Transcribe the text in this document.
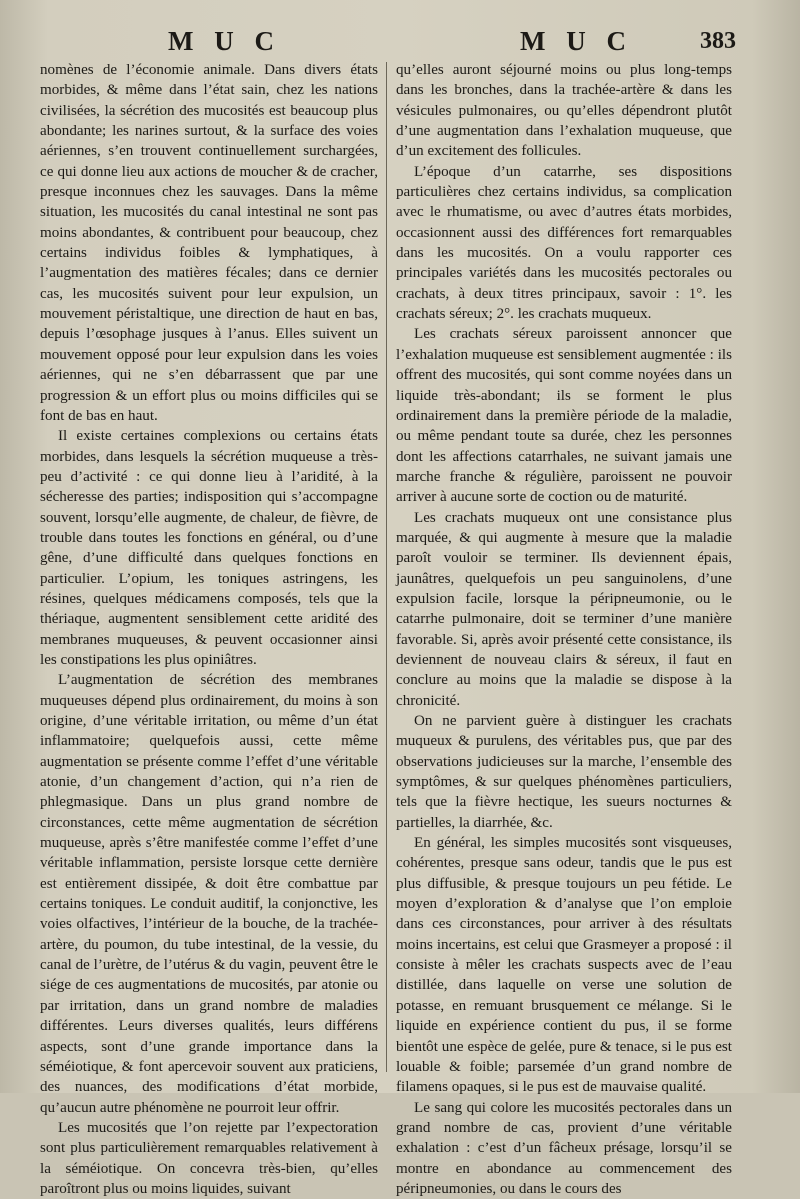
M U C	M U C	383

nomènes de l’économie animale. Dans divers états morbides, & même dans l’état sain, chez les nations civilisées, la sécrétion des mucosités est beaucoup plus abondante; les narines surtout, & la surface des voies aériennes, s’en trouvent continuellement surchargées, ce qui donne lieu aux actions de moucher & de cracher, presque inconnues chez les sauvages. Dans la même situation, les mucosités du canal intestinal ne sont pas moins abondantes, & contribuent pour beaucoup, chez certains individus foibles & lymphatiques, à l’augmentation des matières fécales; dans ce dernier cas, les mucosités suivent pour leur expulsion, un mouvement péristaltique, une direction de haut en bas, depuis l’œsophage jusques à l’anus. Elles suivent un mouvement opposé pour leur expulsion dans les voies aériennes, qui ne s’en débarrassent que par une progression & un effort plus ou moins difficiles qui se font de bas en haut.

Il existe certaines complexions ou certains états morbides, dans lesquels la sécrétion muqueuse a très-peu d’activité : ce qui donne lieu à l’aridité, à la sécheresse des parties; indisposition qui s’accompagne souvent, lorsqu’elle augmente, de chaleur, de fièvre, de trouble dans toutes les fonctions en général, ou d’une gêne, d’une difficulté dans quelques fonctions en particulier. L’opium, les toniques astringens, les résines, quelques médicamens composés, tels que la thériaque, augmentent sensiblement cette aridité des membranes muqueuses, & peuvent occasionner ainsi les constipations les plus opiniâtres.

L’augmentation de sécrétion des membranes muqueuses dépend plus ordinairement, du moins à son origine, d’une véritable irritation, ou même d’un état inflammatoire; quelquefois aussi, cette même augmentation se présente comme l’effet d’une véritable atonie, d’un changement d’action, qui n’a rien de phlegmasique. Dans un plus grand nombre de circonstances, cette même augmentation de sécrétion muqueuse, après s’être manifestée comme l’effet d’une véritable inflammation, persiste lorsque cette dernière est entièrement dissipée, & doit être combattue par certains toniques. Le conduit auditif, la conjonctive, les voies olfactives, l’intérieur de la bouche, de la trachée-artère, du poumon, du tube intestinal, de la vessie, du canal de l’urètre, de l’utérus & du vagin, peuvent être le siége de ces augmentations de mucosités, par atonie ou par irritation, dans un grand nombre de maladies différentes. Leurs diverses qualités, leurs différens aspects, sont d’une grande importance dans la séméiotique, & font apercevoir souvent aux praticiens, des nuances, des modifications d’état morbide, qu’aucun autre phénomène ne pourroit leur offrir.

Les mucosités que l’on rejette par l’expectoration sont plus particulièrement remarquables relativement à la séméiotique. On concevra très-bien, qu’elles paroîtront plus ou moins liquides, suivant

qu’elles auront séjourné moins ou plus long-temps dans les bronches, dans la trachée-artère & dans les vésicules pulmonaires, ou qu’elles dépendront plutôt d’une augmentation dans l’exhalation muqueuse, que d’un excitement des follicules.

L’époque d’un catarrhe, ses dispositions particulières chez certains individus, sa complication avec le rhumatisme, ou avec d’autres états morbides, occasionnent aussi des différences fort remarquables dans les mucosités. On a voulu rapporter ces principales variétés dans les mucosités pectorales ou crachats, à deux titres principaux, savoir : 1°. les crachats séreux; 2°. les crachats muqueux.

Les crachats séreux paroissent annoncer que l’exhalation muqueuse est sensiblement augmentée : ils offrent des mucosités, qui sont comme noyées dans un liquide très-abondant; ils se forment le plus ordinairement dans la première période de la maladie, ou même pendant toute sa durée, chez les personnes dont les affections catarrhales, ne suivant jamais une marche franche & régulière, paroissent ne pouvoir arriver à aucune sorte de coction ou de maturité.

Les crachats muqueux ont une consistance plus marquée, & qui augmente à mesure que la maladie paroît vouloir se terminer. Ils deviennent épais, jaunâtres, quelquefois un peu sanguinolens, d’une expulsion facile, lorsque la péripneumonie, ou le catarrhe pulmonaire, doit se terminer d’une manière favorable. Si, après avoir présenté cette consistance, ils deviennent de nouveau clairs & séreux, il faut en conclure au moins que la maladie se dispose à la chronicité.

On ne parvient guère à distinguer les crachats muqueux & purulens, des véritables pus, que par des observations judicieuses sur la marche, l’ensemble des symptômes, & sur quelques phénomènes particuliers, tels que la fièvre hectique, les sueurs nocturnes & partielles, la diarrhée, &c.

En général, les simples mucosités sont visqueuses, cohérentes, presque sans odeur, tandis que le pus est plus diffusible, & presque toujours un peu fétide. Le moyen d’exploration & d’analyse que l’on emploie dans ces circonstances, pour arriver à des résultats moins incertains, est celui que Grasmeyer a proposé : il consiste à mêler les crachats suspects avec de l’eau distillée, dans laquelle on verse une solution de potasse, en remuant brusquement ce mélange. Si le liquide en expérience contient du pus, il se forme bientôt une espèce de gelée, pure & tenace, si le pus est louable & foible; parsemée d’un grand nombre de filamens opaques, si le pus est de mauvaise qualité.

Le sang qui colore les mucosités pectorales dans un grand nombre de cas, provient d’une véritable exhalation : c’est d’un fâcheux présage, lorsqu’il se montre en abondance au commencement des péripneumonies, ou dans le cours des
